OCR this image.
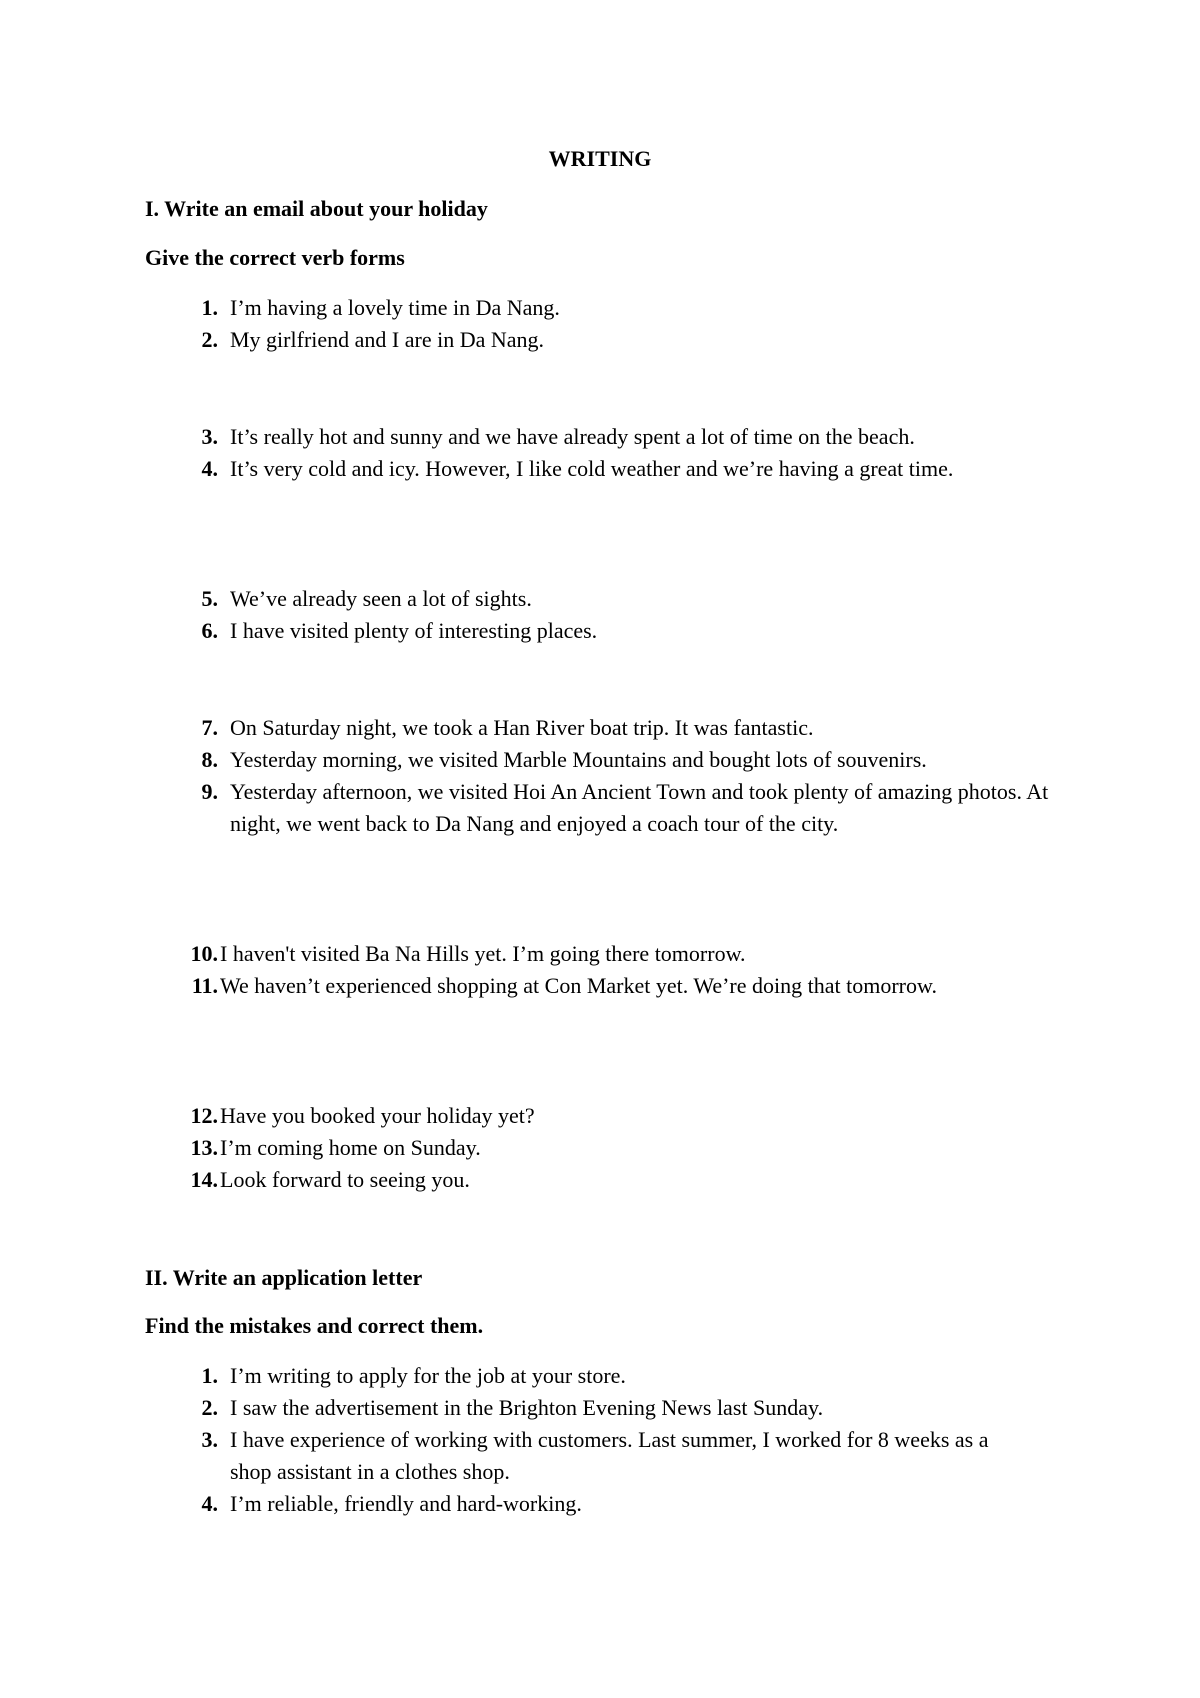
WRITING
I. Write an email about your holiday
Give the correct verb forms
1. I’m having a lovely time in Da Nang.
2. My girlfriend and I are in Da Nang.
3. It’s really hot and sunny and we have already spent a lot of time on the beach.
4. It’s very cold and icy. However, I like cold weather and we’re having a great time.
5. We’ve already seen a lot of sights.
6. I have visited plenty of interesting places.
7. On Saturday night, we took a Han River boat trip. It was fantastic.
8. Yesterday morning, we visited Marble Mountains and bought lots of souvenirs.
9. Yesterday afternoon, we visited Hoi An Ancient Town and took plenty of amazing photos. At night, we went back to Da Nang and enjoyed a coach tour of the city.
10. I haven't visited Ba Na Hills yet. I’m going there tomorrow.
11. We haven’t experienced shopping at Con Market yet. We’re doing that tomorrow.
12. Have you booked your holiday yet?
13. I’m coming home on Sunday.
14. Look forward to seeing you.
II. Write an application letter
Find the mistakes and correct them.
1. I’m writing to apply for the job at your store.
2. I saw the advertisement in the Brighton Evening News last Sunday.
3. I have experience of working with customers. Last summer, I worked for 8 weeks as a shop assistant in a clothes shop.
4. I’m reliable, friendly and hard-working.
